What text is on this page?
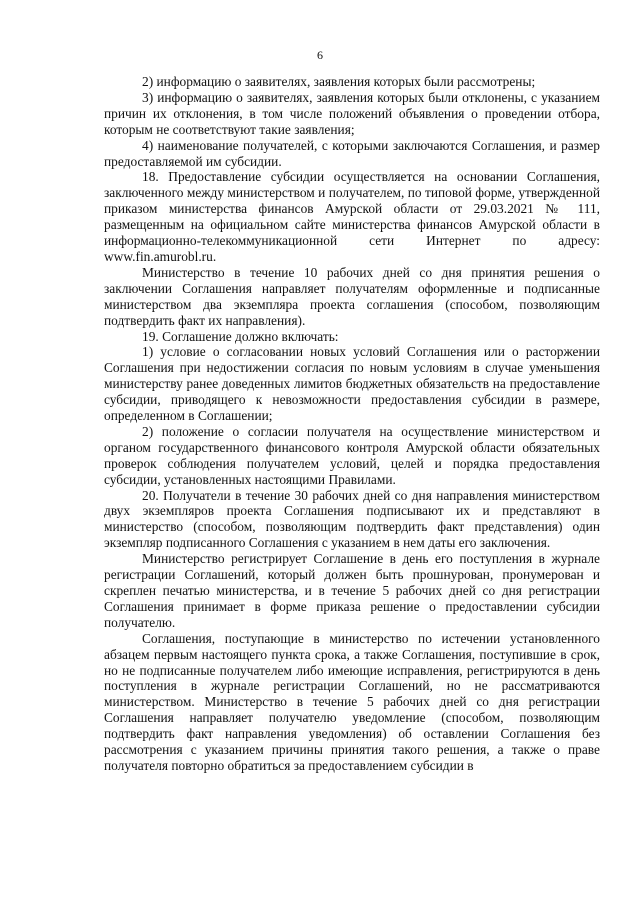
6

2) информацию о заявителях, заявления которых были рассмотрены;

3) информацию о заявителях, заявления которых были отклонены, с указанием причин их отклонения, в том числе положений объявления о проведении отбора, которым не соответствуют такие заявления;

4) наименование получателей, с которыми заключаются Соглашения, и размер предоставляемой им субсидии.

18. Предоставление субсидии осуществляется на основании Соглашения, заключенного между министерством и получателем, по типовой форме, утвержденной приказом министерства финансов Амурской области от 29.03.2021 № 111, размещенным на официальном сайте министерства финансов Амурской области в информационно-телекоммуникационной сети Интернет по адресу: www.fin.amurobl.ru.

Министерство в течение 10 рабочих дней со дня принятия решения о заключении Соглашения направляет получателям оформленные и подписанные министерством два экземпляра проекта соглашения (способом, позволяющим подтвердить факт их направления).

19. Соглашение должно включать:

1) условие о согласовании новых условий Соглашения или о расторжении Соглашения при недостижении согласия по новым условиям в случае уменьшения министерству ранее доведенных лимитов бюджетных обязательств на предоставление субсидии, приводящего к невозможности предоставления субсидии в размере, определенном в Соглашении;

2) положение о согласии получателя на осуществление министерством и органом государственного финансового контроля Амурской области обязательных проверок соблюдения получателем условий, целей и порядка предоставления субсидии, установленных настоящими Правилами.

20. Получатели в течение 30 рабочих дней со дня направления министерством двух экземпляров проекта Соглашения подписывают их и представляют в министерство (способом, позволяющим подтвердить факт представления) один экземпляр подписанного Соглашения с указанием в нем даты его заключения.

Министерство регистрирует Соглашение в день его поступления в журнале регистрации Соглашений, который должен быть прошнурован, пронумерован и скреплен печатью министерства, и в течение 5 рабочих дней со дня регистрации Соглашения принимает в форме приказа решение о предоставлении субсидии получателю.

Соглашения, поступающие в министерство по истечении установленного абзацем первым настоящего пункта срока, а также Соглашения, поступившие в срок, но не подписанные получателем либо имеющие исправления, регистрируются в день поступления в журнале регистрации Соглашений, но не рассматриваются министерством. Министерство в течение 5 рабочих дней со дня регистрации Соглашения направляет получателю уведомление (способом, позволяющим подтвердить факт направления уведомления) об оставлении Соглашения без рассмотрения с указанием причины принятия такого решения, а также о праве получателя повторно обратиться за предоставлением субсидии в
